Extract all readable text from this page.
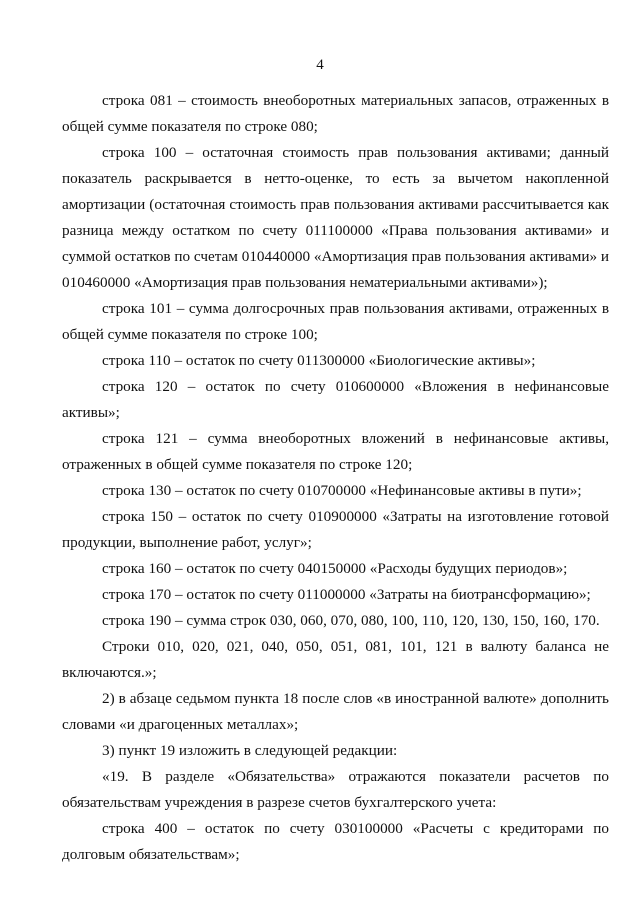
4

строка 081 – стоимость внеоборотных материальных запасов, отраженных в общей сумме показателя по строке 080;

строка 100 – остаточная стоимость прав пользования активами; данный показатель раскрывается в нетто-оценке, то есть за вычетом накопленной амортизации (остаточная стоимость прав пользования активами рассчитывается как разница между остатком по счету 011100000 «Права пользования активами» и суммой остатков по счетам 010440000 «Амортизация прав пользования активами» и 010460000 «Амортизация прав пользования нематериальными активами»);

строка 101 – сумма долгосрочных прав пользования активами, отраженных в общей сумме показателя по строке 100;

строка 110 – остаток по счету 011300000 «Биологические активы»;

строка 120 – остаток по счету 010600000 «Вложения в нефинансовые активы»;

строка 121 – сумма внеоборотных вложений в нефинансовые активы, отраженных в общей сумме показателя по строке 120;

строка 130 – остаток по счету 010700000 «Нефинансовые активы в пути»;

строка 150 – остаток по счету 010900000 «Затраты на изготовление готовой продукции, выполнение работ, услуг»;

строка 160 – остаток по счету 040150000 «Расходы будущих периодов»;

строка 170 – остаток по счету 011000000 «Затраты на биотрансформацию»;

строка 190 – сумма строк 030, 060, 070, 080, 100, 110, 120, 130, 150, 160, 170.

Строки 010, 020, 021, 040, 050, 051, 081, 101, 121 в валюту баланса не включаются.»;

2) в абзаце седьмом пункта 18 после слов «в иностранной валюте» дополнить словами «и драгоценных металлах»;

3) пункт 19 изложить в следующей редакции:

«19. В разделе «Обязательства» отражаются показатели расчетов по обязательствам учреждения в разрезе счетов бухгалтерского учета:

строка 400 – остаток по счету 030100000 «Расчеты с кредиторами по долговым обязательствам»;
